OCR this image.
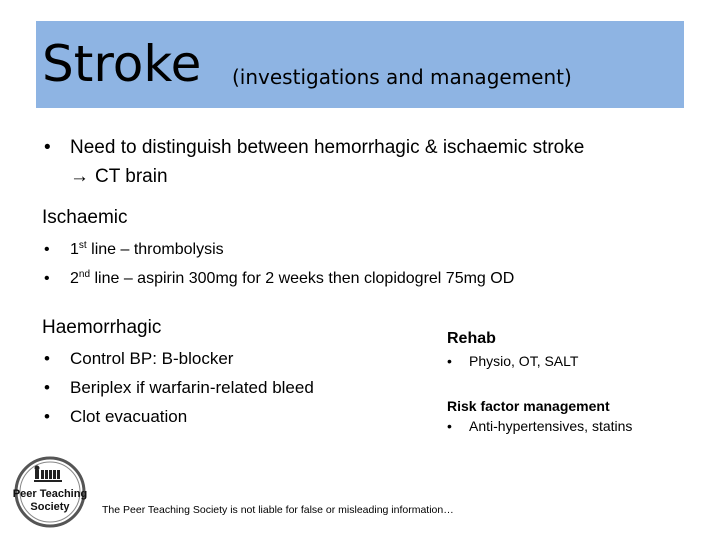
Stroke (investigations and management)
• Need to distinguish between hemorrhagic & ischaemic stroke
→ CT brain
Ischaemic
• 1st line – thrombolysis
• 2nd line – aspirin 300mg for 2 weeks then clopidogrel 75mg OD
Haemorrhagic
• Control BP: B-blocker
• Beriplex if warfarin-related bleed
• Clot evacuation
Rehab
• Physio, OT, SALT
Risk factor management
• Anti-hypertensives, statins
Peer Teaching
Society	The Peer Teaching Society is not liable for false or misleading information…
